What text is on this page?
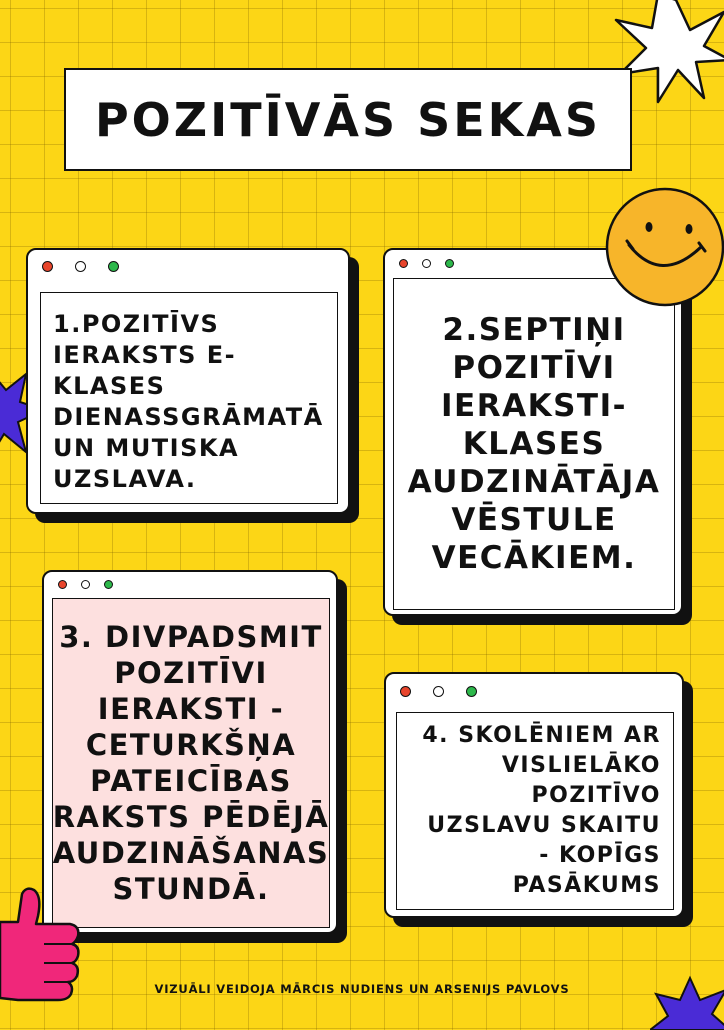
POZITĪVĀS SEKAS
1.POZITĪVS IERAKSTS E-KLASES DIENASSGRĀMATĀ UN MUTISKA UZSLAVA.
2.SEPTIŅI POZITĪVI IERAKSTI- KLASES AUDZINĀTĀJA VĒSTULE VECĀKIEM.
3. DIVPADSMIT POZITĪVI IERAKSTI - CETURKŠŅA PATEICĪBAS RAKSTS PĒDĒJĀ AUDZINĀŠANAS STUNDĀ.
4. SKOLĒNIEM AR VISLIELĀKO POZITĪVO UZSLAVU SKAITU - KOPĪGS PASĀKUMS
VIZUĀLI VEIDOJA MĀRCIS NUDIENS UN ARSENIJS PAVLOVS
